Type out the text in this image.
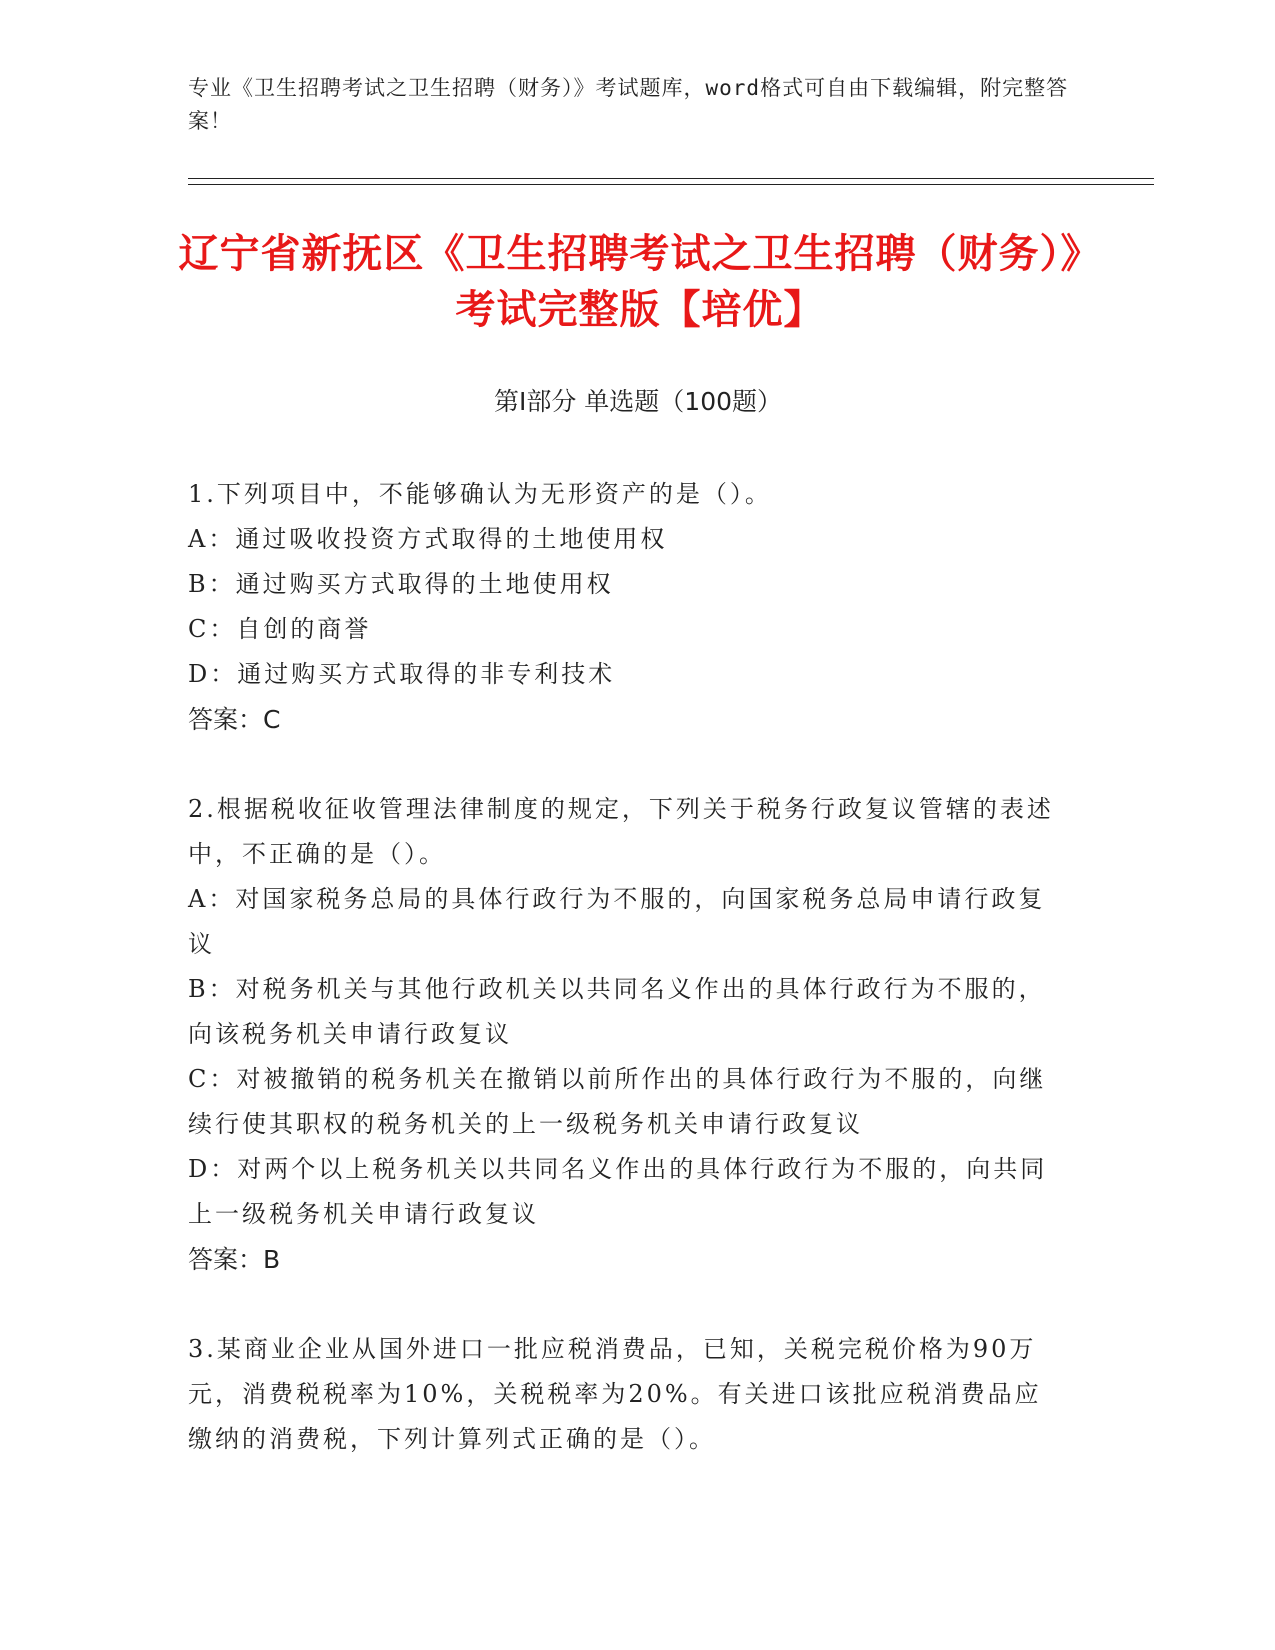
专业《卫生招聘考试之卫生招聘（财务）》考试题库，word格式可自由下载编辑，附完整答案！
辽宁省新抚区《卫生招聘考试之卫生招聘（财务）》考试完整版【培优】
第Ⅰ部分 单选题（100题）
1.下列项目中，不能够确认为无形资产的是（）。
A：通过吸收投资方式取得的土地使用权
B：通过购买方式取得的土地使用权
C：自创的商誉
D：通过购买方式取得的非专利技术
答案：C
2.根据税收征收管理法律制度的规定，下列关于税务行政复议管辖的表述中，不正确的是（）。
A：对国家税务总局的具体行政行为不服的，向国家税务总局申请行政复议
B：对税务机关与其他行政机关以共同名义作出的具体行政行为不服的，向该税务机关申请行政复议
C：对被撤销的税务机关在撤销以前所作出的具体行政行为不服的，向继续行使其职权的税务机关的上一级税务机关申请行政复议
D：对两个以上税务机关以共同名义作出的具体行政行为不服的，向共同上一级税务机关申请行政复议
答案：B
3.某商业企业从国外进口一批应税消费品，已知，关税完税价格为90万元，消费税税率为10%，关税税率为20%。有关进口该批应税消费品应缴纳的消费税，下列计算列式正确的是（）。
